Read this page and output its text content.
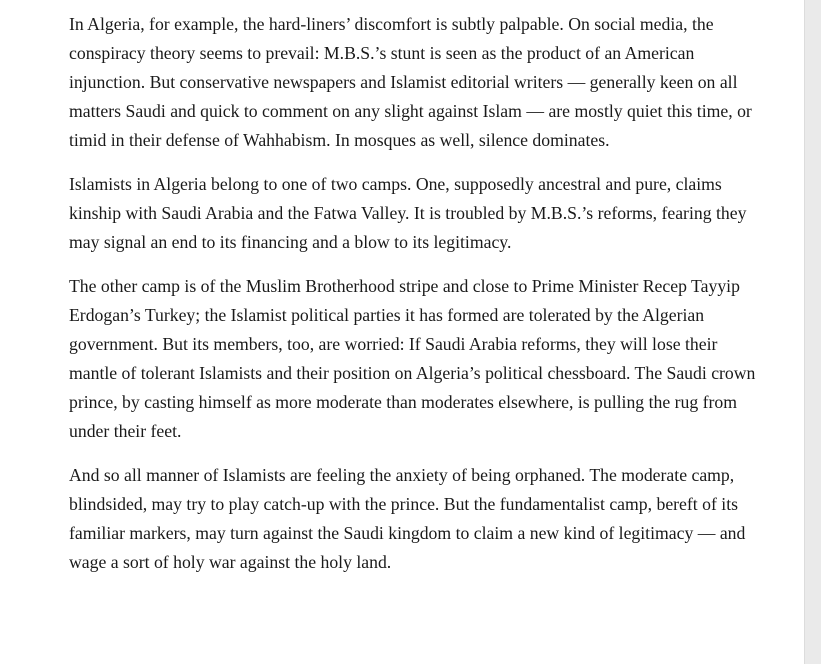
In Algeria, for example, the hard-liners’ discomfort is subtly palpable. On social media, the conspiracy theory seems to prevail: M.B.S.’s stunt is seen as the product of an American injunction. But conservative newspapers and Islamist editorial writers — generally keen on all matters Saudi and quick to comment on any slight against Islam — are mostly quiet this time, or timid in their defense of Wahhabism. In mosques as well, silence dominates.

Islamists in Algeria belong to one of two camps. One, supposedly ancestral and pure, claims kinship with Saudi Arabia and the Fatwa Valley. It is troubled by M.B.S.’s reforms, fearing they may signal an end to its financing and a blow to its legitimacy.

The other camp is of the Muslim Brotherhood stripe and close to Prime Minister Recep Tayyip Erdogan’s Turkey; the Islamist political parties it has formed are tolerated by the Algerian government. But its members, too, are worried: If Saudi Arabia reforms, they will lose their mantle of tolerant Islamists and their position on Algeria’s political chessboard. The Saudi crown prince, by casting himself as more moderate than moderates elsewhere, is pulling the rug from under their feet.

And so all manner of Islamists are feeling the anxiety of being orphaned. The moderate camp, blindsided, may try to play catch-up with the prince. But the fundamentalist camp, bereft of its familiar markers, may turn against the Saudi kingdom to claim a new kind of legitimacy — and wage a sort of holy war against the holy land.
